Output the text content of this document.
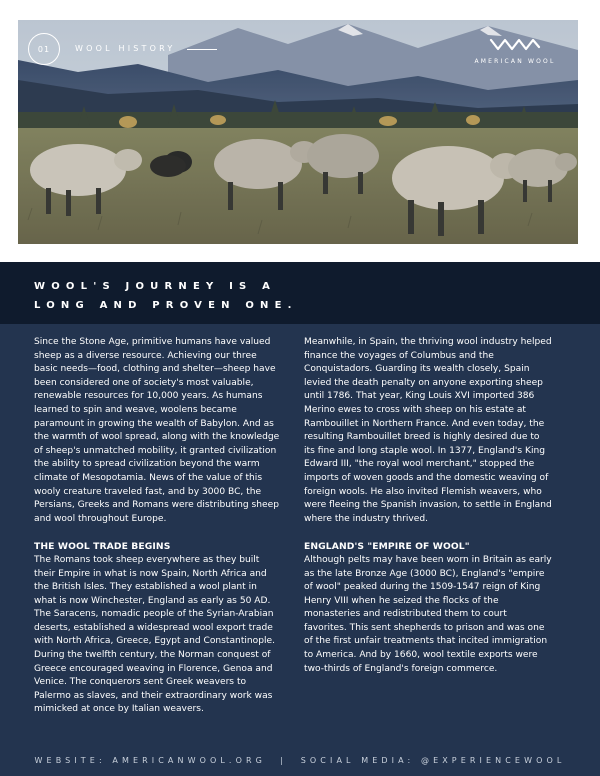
01	WOOL HISTORY
AMERICAN WOOL
WOOL'S JOURNEY IS A
LONG AND PROVEN ONE.

Since the Stone Age, primitive humans have valued sheep as a diverse resource. Achieving our three basic needs—food, clothing and shelter—sheep have been considered one of society's most valuable, renewable resources for 10,000 years. As humans learned to spin and weave, woolens became paramount in growing the wealth of Babylon. And as the warmth of wool spread, along with the knowledge of sheep's unmatched mobility, it granted civilization the ability to spread civilization beyond the warm climate of Mesopotamia. News of the value of this wooly creature traveled fast, and by 3000 BC, the Persians, Greeks and Romans were distributing sheep and wool throughout Europe.

THE WOOL TRADE BEGINS

The Romans took sheep everywhere as they built their Empire in what is now Spain, North Africa and the British Isles. They established a wool plant in what is now Winchester, England as early as 50 AD. The Saracens, nomadic people of the Syrian-Arabian deserts, established a widespread wool export trade with North Africa, Greece, Egypt and Constantinople. During the twelfth century, the Norman conquest of Greece encouraged weaving in Florence, Genoa and Venice. The conquerors sent Greek weavers to Palermo as slaves, and their extraordinary work was mimicked at once by Italian weavers.

Meanwhile, in Spain, the thriving wool industry helped finance the voyages of Columbus and the Conquistadors. Guarding its wealth closely, Spain levied the death penalty on anyone exporting sheep until 1786. That year, King Louis XVI imported 386 Merino ewes to cross with sheep on his estate at Rambouillet in Northern France. And even today, the resulting Rambouillet breed is highly desired due to its fine and long staple wool. In 1377, England's King Edward III, "the royal wool merchant," stopped the imports of woven goods and the domestic weaving of foreign wools. He also invited Flemish weavers, who were fleeing the Spanish invasion, to settle in England where the industry thrived.

ENGLAND'S "EMPIRE OF WOOL"

Although pelts may have been worn in Britain as early as the late Bronze Age (3000 BC), England's "empire of wool" peaked during the 1509-1547 reign of King Henry VIII when he seized the flocks of the monasteries and redistributed them to court favorites. This sent shepherds to prison and was one of the first unfair treatments that incited immigration to America. And by 1660, wool textile exports were two-thirds of England's foreign commerce.

WEBSITE: AMERICANWOOL.ORG | SOCIAL MEDIA: @EXPERIENCEWOOL
